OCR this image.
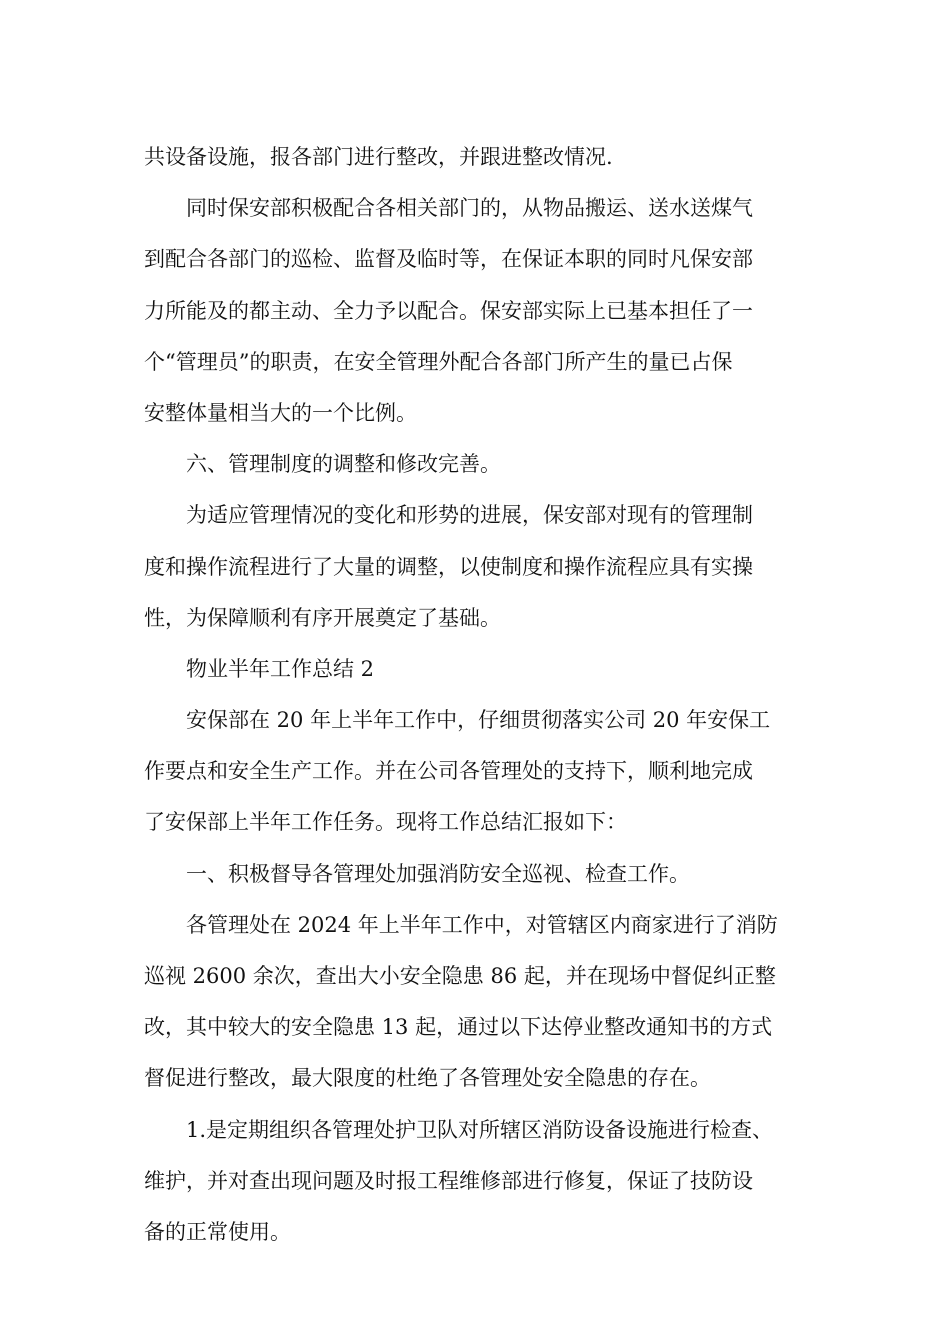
共设备设施，报各部门进行整改，并跟进整改情况.
同时保安部积极配合各相关部门的，从物品搬运、送水送煤气
到配合各部门的巡检、监督及临时等，在保证本职的同时凡保安部
力所能及的都主动、全力予以配合。保安部实际上已基本担任了一
个“管理员”的职责，在安全管理外配合各部门所产生的量已占保
安整体量相当大的一个比例。
六、管理制度的调整和修改完善。
为适应管理情况的变化和形势的进展，保安部对现有的管理制
度和操作流程进行了大量的调整，以使制度和操作流程应具有实操
性，为保障顺利有序开展奠定了基础。
物业半年工作总结 2
安保部在 20 年上半年工作中，仔细贯彻落实公司 20 年安保工
作要点和安全生产工作。并在公司各管理处的支持下，顺利地完成
了安保部上半年工作任务。现将工作总结汇报如下：
一、积极督导各管理处加强消防安全巡视、检查工作。
各管理处在 2024 年上半年工作中，对管辖区内商家进行了消防
巡视 2600 余次，查出大小安全隐患 86 起，并在现场中督促纠正整
改，其中较大的安全隐患 13 起，通过以下达停业整改通知书的方式
督促进行整改，最大限度的杜绝了各管理处安全隐患的存在。
1.是定期组织各管理处护卫队对所辖区消防设备设施进行检查、
维护，并对查出现问题及时报工程维修部进行修复，保证了技防设
备的正常使用。
